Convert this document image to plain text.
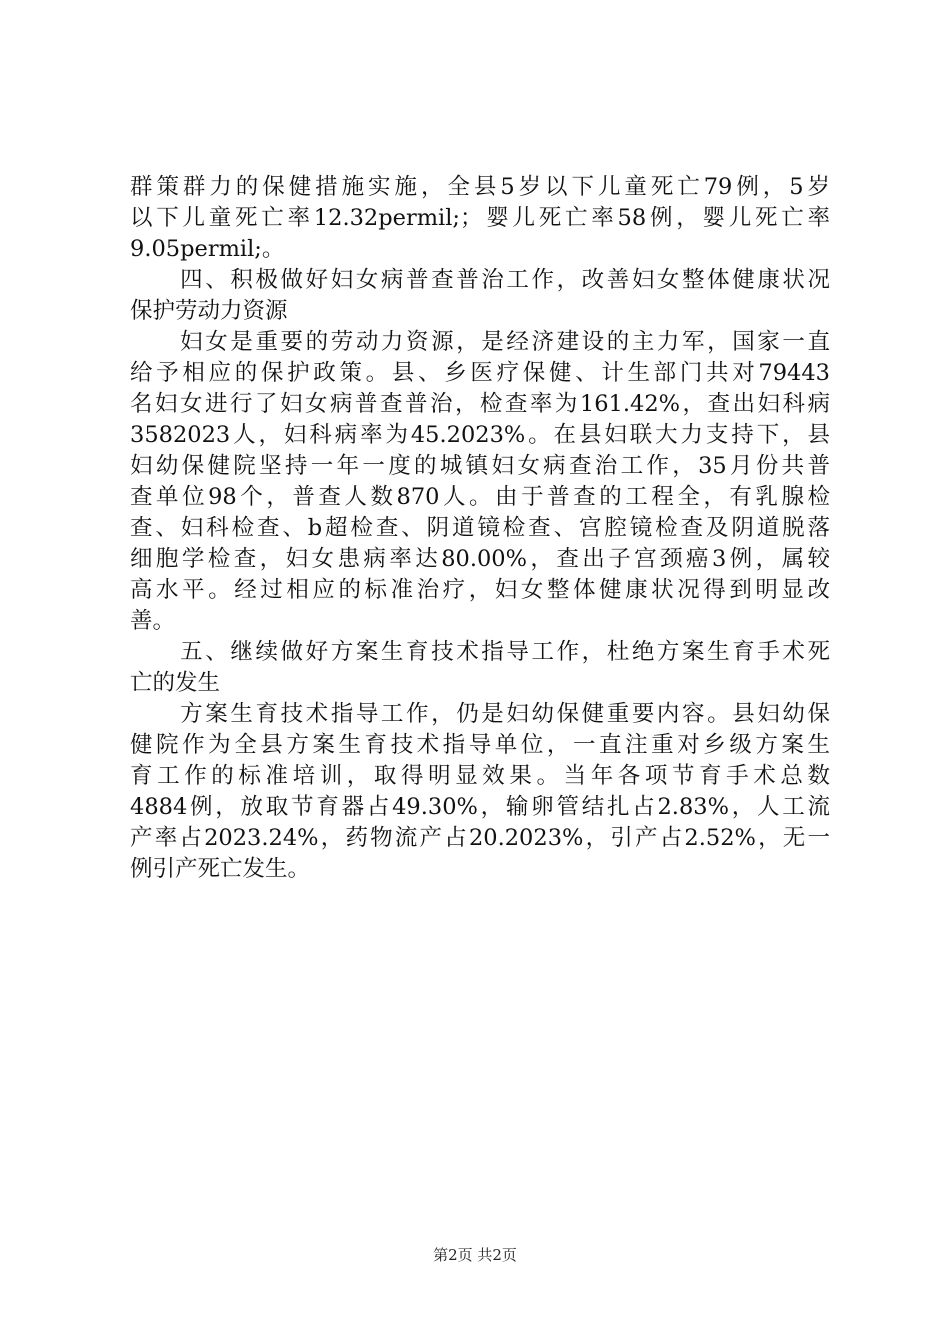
群策群力的保健措施实施，全县5岁以下儿童死亡79例，5岁
以下儿童死亡率12.32permil;；婴儿死亡率58例，婴儿死亡率
9.05permil;。
　　四、积极做好妇女病普查普治工作，改善妇女整体健康状况
保护劳动力资源
　　妇女是重要的劳动力资源，是经济建设的主力军，国家一直
给予相应的保护政策。县、乡医疗保健、计生部门共对79443
名妇女进行了妇女病普查普治，检查率为161.42%，查出妇科病
3582023人，妇科病率为45.2023%。在县妇联大力支持下，县
妇幼保健院坚持一年一度的城镇妇女病查治工作，35月份共普
查单位98个，普查人数870人。由于普查的工程全，有乳腺检
查、妇科检查、b超检查、阴道镜检查、宫腔镜检查及阴道脱落
细胞学检查，妇女患病率达80.00%，查出子宫颈癌3例，属较
高水平。经过相应的标准治疗，妇女整体健康状况得到明显改
善。
　　五、继续做好方案生育技术指导工作，杜绝方案生育手术死
亡的发生
　　方案生育技术指导工作，仍是妇幼保健重要内容。县妇幼保
健院作为全县方案生育技术指导单位，一直注重对乡级方案生
育工作的标准培训，取得明显效果。当年各项节育手术总数
4884例，放取节育器占49.30%，输卵管结扎占2.83%，人工流
产率占2023.24%，药物流产占20.2023%，引产占2.52%，无一
例引产死亡发生。
第2页 共2页
